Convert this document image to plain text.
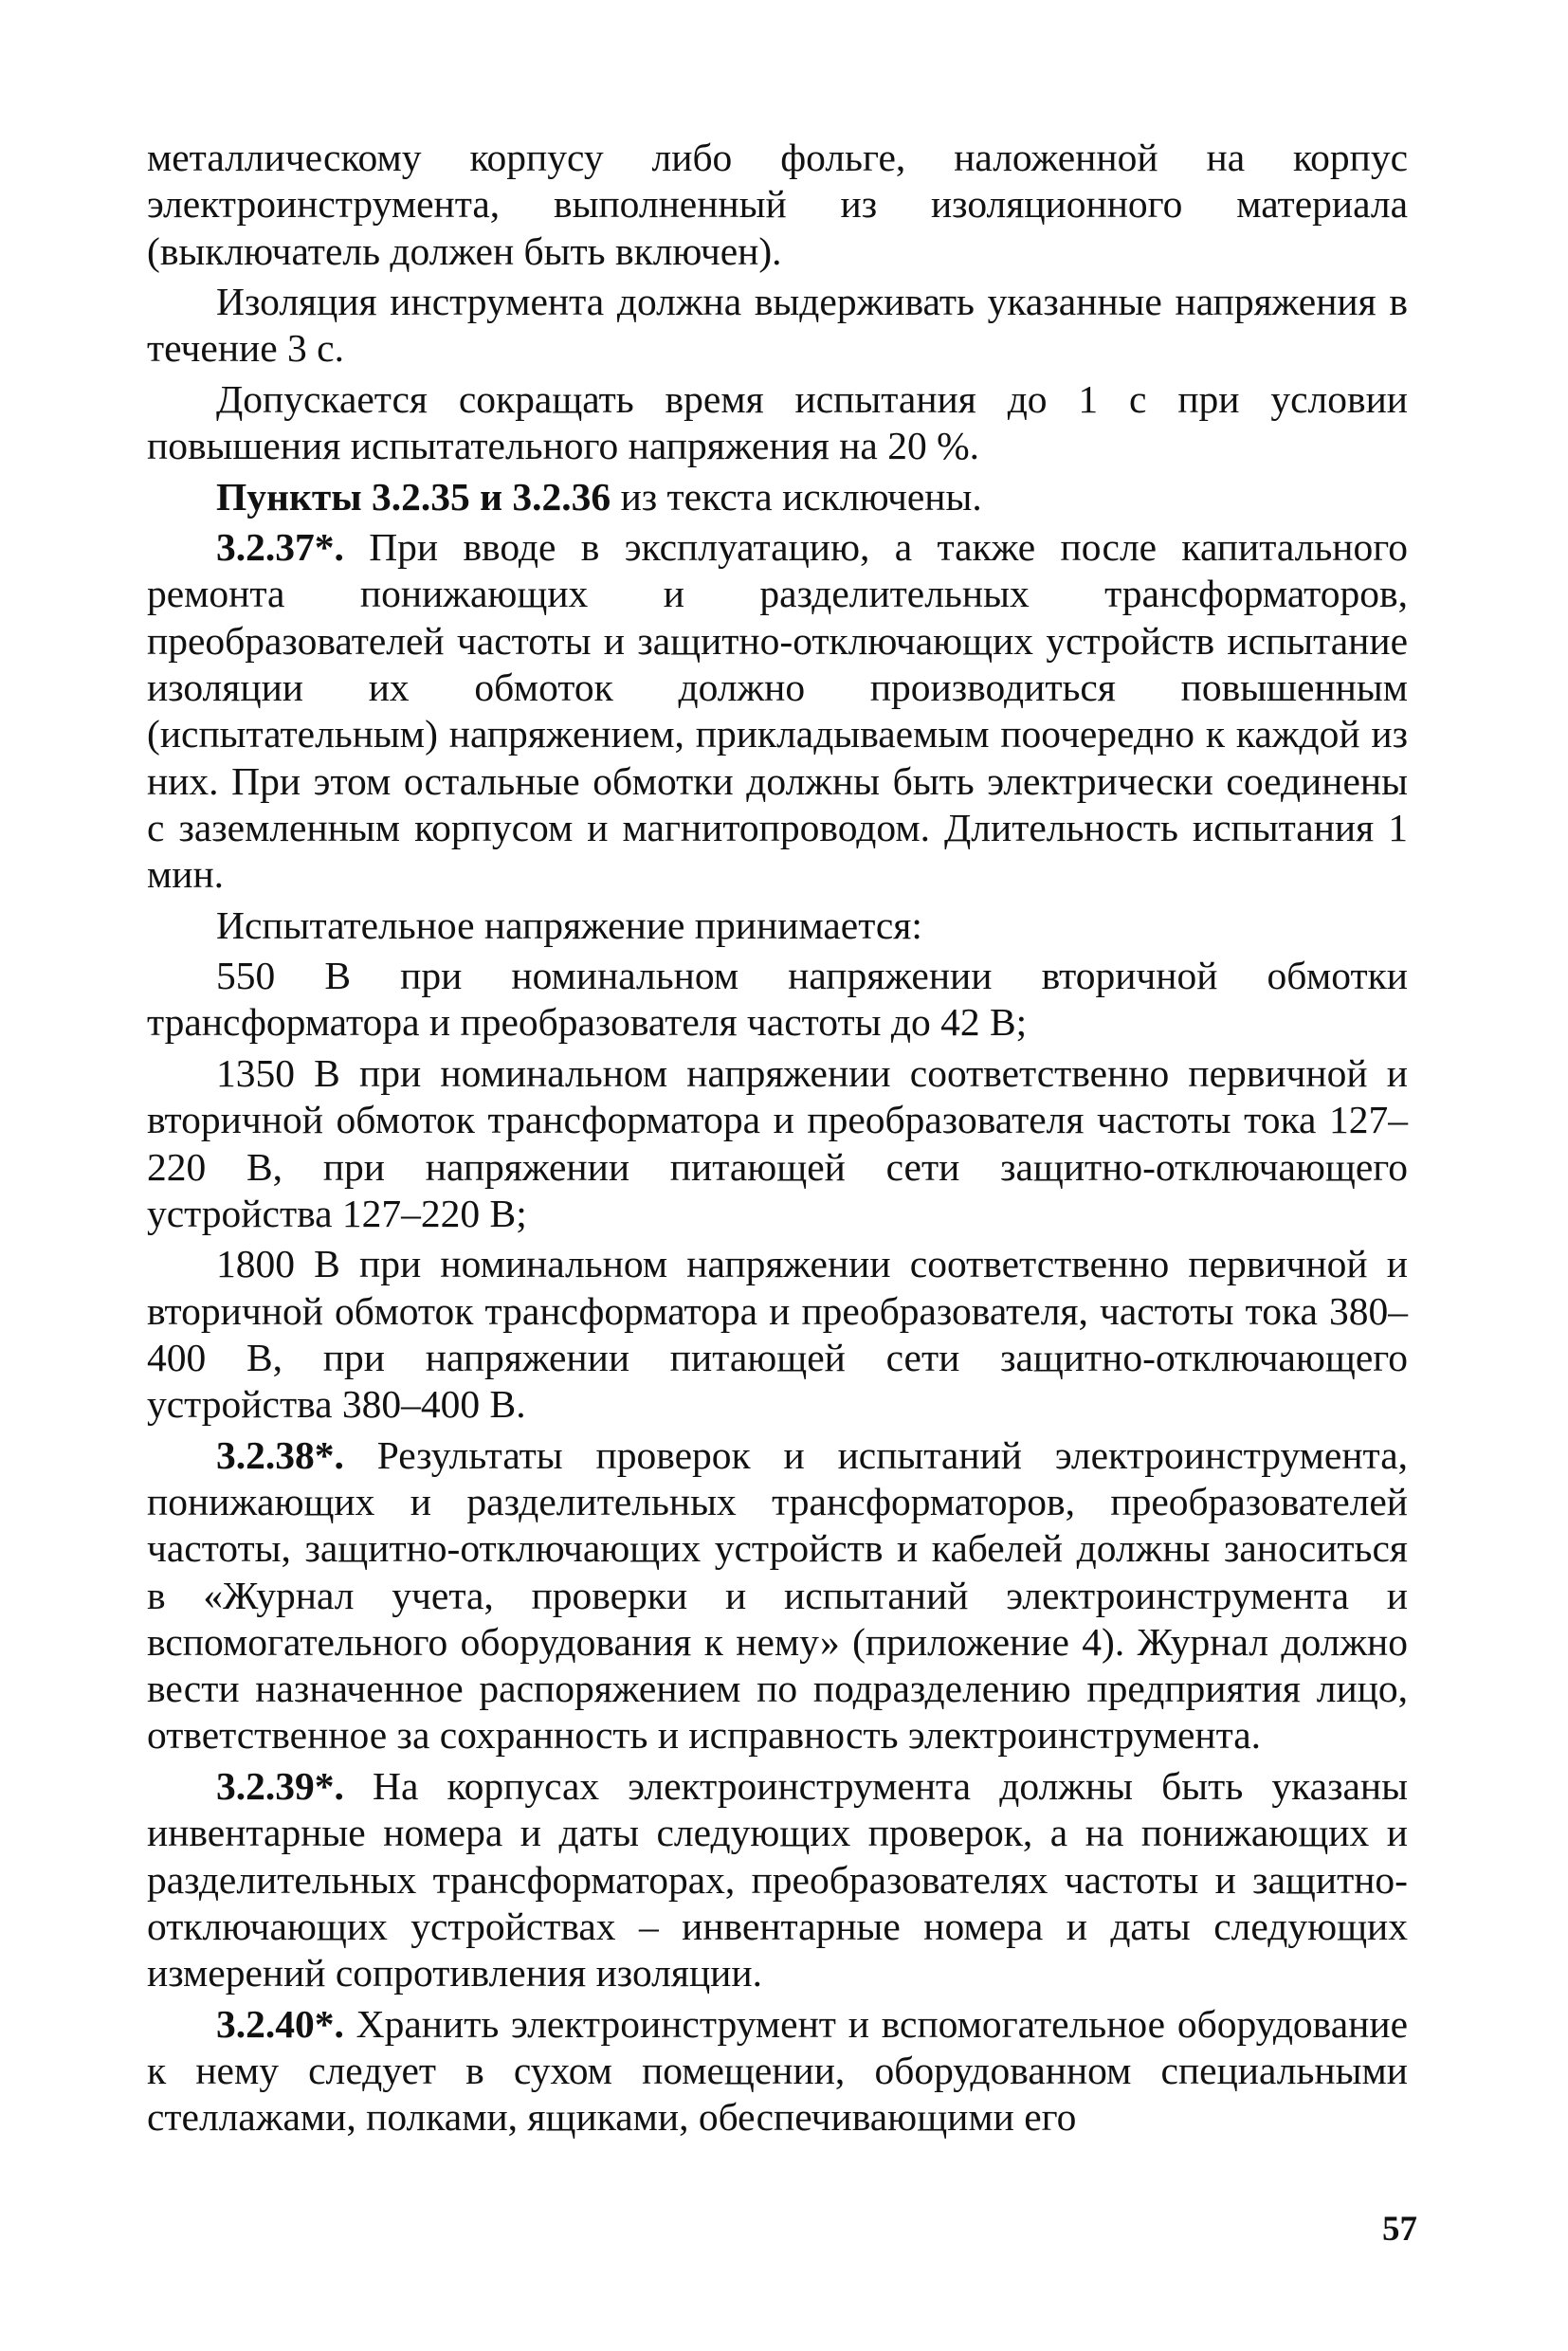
металлическому корпусу либо фольге, наложенной на корпус электроинструмента, выполненный из изоляционного материала (выключатель должен быть включен).

Изоляция инструмента должна выдерживать указанные напряжения в течение 3 с.

Допускается сокращать время испытания до 1 с при условии повышения испытательного напряжения на 20 %.

Пункты 3.2.35 и 3.2.36 из текста исключены.

3.2.37*. При вводе в эксплуатацию, а также после капитального ремонта понижающих и разделительных трансформаторов, преобразователей частоты и защитно-отключающих устройств испытание изоляции их обмоток должно производиться повышенным (испытательным) напряжением, прикладываемым поочередно к каждой из них. При этом остальные обмотки должны быть электрически соединены с заземленным корпусом и магнитопроводом. Длительность испытания 1 мин.

Испытательное напряжение принимается:

550 В при номинальном напряжении вторичной обмотки трансформатора и преобразователя частоты до 42 В;

1350 В при номинальном напряжении соответственно первичной и вторичной обмоток трансформатора и преобразователя частоты тока 127–220 В, при напряжении питающей сети защитно-отключающего устройства 127–220 В;

1800 В при номинальном напряжении соответственно первичной и вторичной обмоток трансформатора и преобразователя, частоты тока 380–400 В, при напряжении питающей сети защитно-отключающего устройства 380–400 В.

3.2.38*. Результаты проверок и испытаний электроинструмента, понижающих и разделительных трансформаторов, преобразователей частоты, защитно-отключающих устройств и кабелей должны заноситься в «Журнал учета, проверки и испытаний электроинструмента и вспомогательного оборудования к нему» (приложение 4). Журнал должно вести назначенное распоряжением по подразделению предприятия лицо, ответственное за сохранность и исправность электроинструмента.

3.2.39*. На корпусах электроинструмента должны быть указаны инвентарные номера и даты следующих проверок, а на понижающих и разделительных трансформаторах, преобразователях частоты и защитно-отключающих устройствах – инвентарные номера и даты следующих измерений сопротивления изоляции.

3.2.40*. Хранить электроинструмент и вспомогательное оборудование к нему следует в сухом помещении, оборудованном специальными стеллажами, полками, ящиками, обеспечивающими его

57
